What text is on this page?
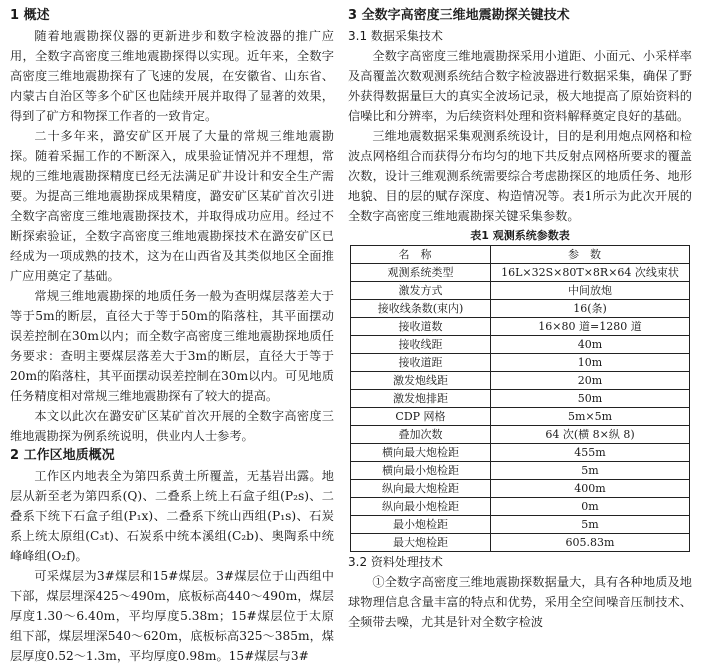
1 概述

随着地震勘探仪器的更新进步和数字检波器的推广应用，全数字高密度三维地震勘探得以实现。近年来，全数字高密度三维地震勘探有了飞速的发展，在安徽省、山东省、内蒙古自治区等多个矿区也陆续开展并取得了显著的效果，得到了矿方和物探工作者的一致肯定。

二十多年来，潞安矿区开展了大量的常规三维地震勘探。随着采掘工作的不断深入，成果验证情况并不理想，常规的三维地震勘探精度已经无法满足矿井设计和安全生产需要。为提高三维地震勘探成果精度，潞安矿区某矿首次引进全数字高密度三维地震勘探技术，并取得成功应用。经过不断探索验证，全数字高密度三维地震勘探技术在潞安矿区已经成为一项成熟的技术，这为在山西省及其类似地区全面推广应用奠定了基础。

常规三维地震勘探的地质任务一般为查明煤层落差大于等于5m的断层，直径大于等于50m的陷落柱，其平面摆动误差控制在30m以内；而全数字高密度三维地震勘探地质任务要求：查明主要煤层落差大于3m的断层，直径大于等于20m的陷落柱，其平面摆动误差控制在30m以内。可见地质任务精度相对常规三维地震勘探有了较大的提高。

本文以此次在潞安矿区某矿首次开展的全数字高密度三维地震勘探为例系统说明，供业内人士参考。

2 工作区地质概况

工作区内地表全为第四系黄土所覆盖，无基岩出露。地层从新至老为第四系(Q)、二叠系上统上石盒子组(P₂s)、二叠系下统下石盒子组(P₁x)、二叠系下统山西组(P₁s)、石炭系上统太原组(C₃t)、石炭系中统本溪组(C₂b)、奥陶系中统峰峰组(O₂f)。

可采煤层为3#煤层和15#煤层。3#煤层位于山西组中下部，煤层埋深425～490m，底板标高440～490m，煤层厚度1.30～6.40m，平均厚度5.38m；15#煤层位于太原组下部，煤层埋深540～620m，底板标高325～385m，煤层厚度0.52～1.3m，平均厚度0.98m。15#煤层与3#

3 全数字高密度三维地震勘探关键技术
3.1 数据采集技术

全数字高密度三维地震勘探采用小道距、小面元、小采样率及高覆盖次数观测系统结合数字检波器进行数据采集，确保了野外获得数据量巨大的真实全波场记录，极大地提高了原始资料的信噪比和分辨率，为后续资料处理和资料解释奠定良好的基础。

三维地震数据采集观测系统设计，目的是利用炮点网格和检波点网格组合而获得分布均匀的地下共反射点网格所要求的覆盖次数，设计三维观测系统需要综合考虑勘探区的地质任务、地形地貌、目的层的赋存深度、构造情况等。表1所示为此次开展的全数字高密度三维地震勘探关键采集参数。

表1 观测系统参数表
名称	参数
观测系统类型	16L×32S×80T×8R×64 次线束状
激发方式	中间放炮
接收线条数(束内)	16(条)
接收道数	16×80 道=1280 道
接收线距	40m
接收道距	10m
激发炮线距	20m
激发炮排距	50m
CDP 网格	5m×5m
叠加次数	64 次(横 8×纵 8)
横向最大炮检距	455m
横向最小炮检距	5m
纵向最大炮检距	400m
纵向最小炮检距	0m
最小炮检距	5m
最大炮检距	605.83m
3.2 资料处理技术

①全数字高密度三维地震勘探数据量大，具有各种地质及地球物理信息含量丰富的特点和优势，采用全空间噪音压制技术、全频带去噪，尤其是针对全数字检波
